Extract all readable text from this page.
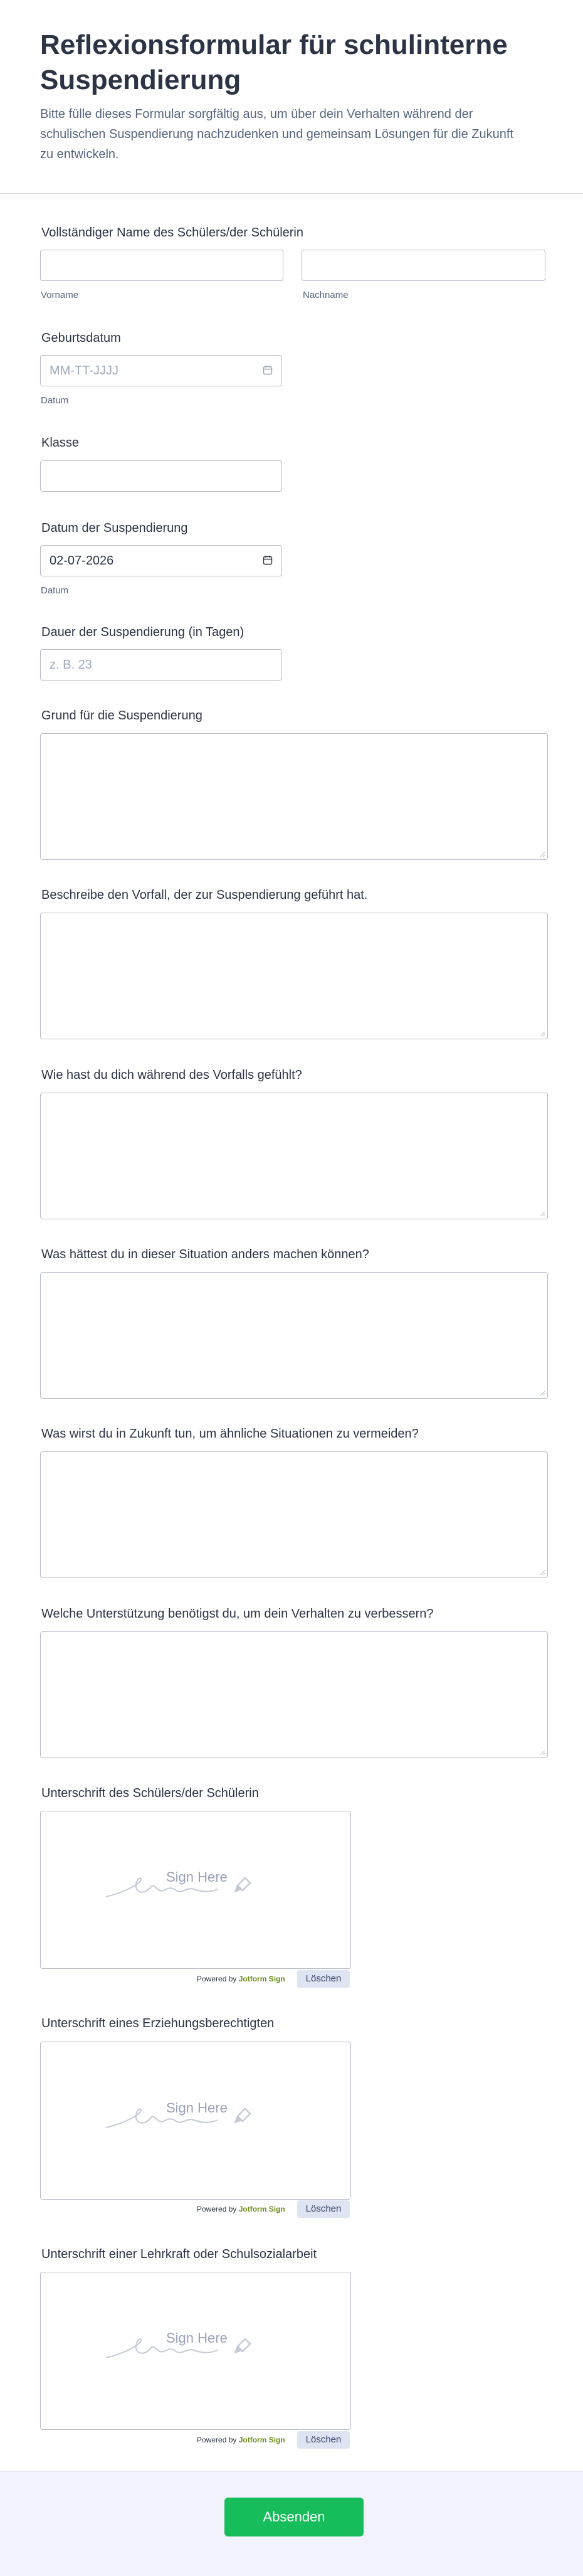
Reflexionsformular für schulinterne Suspendierung

Bitte fülle dieses Formular sorgfältig aus, um über dein Verhalten während der schulischen Suspendierung nachzudenken und gemeinsam Lösungen für die Zukunft zu entwickeln.

Vollständiger Name des Schülers/der Schülerin
Vorname	Nachname
Geburtsdatum
MM-TT-JJJJ
Datum
Klasse
Datum der Suspendierung
02-07-2026
Datum
Dauer der Suspendierung (in Tagen)
z. B. 23
Grund für die Suspendierung
Beschreibe den Vorfall, der zur Suspendierung geführt hat.
Wie hast du dich während des Vorfalls gefühlt?
Was hättest du in dieser Situation anders machen können?
Was wirst du in Zukunft tun, um ähnliche Situationen zu vermeiden?
Welche Unterstützung benötigst du, um dein Verhalten zu verbessern?
Unterschrift des Schülers/der Schülerin
Sign Here
Powered by Jotform Sign	Löschen
Unterschrift eines Erziehungsberechtigten
Sign Here
Powered by Jotform Sign	Löschen
Unterschrift einer Lehrkraft oder Schulsozialarbeit
Sign Here
Powered by Jotform Sign	Löschen
Absenden
